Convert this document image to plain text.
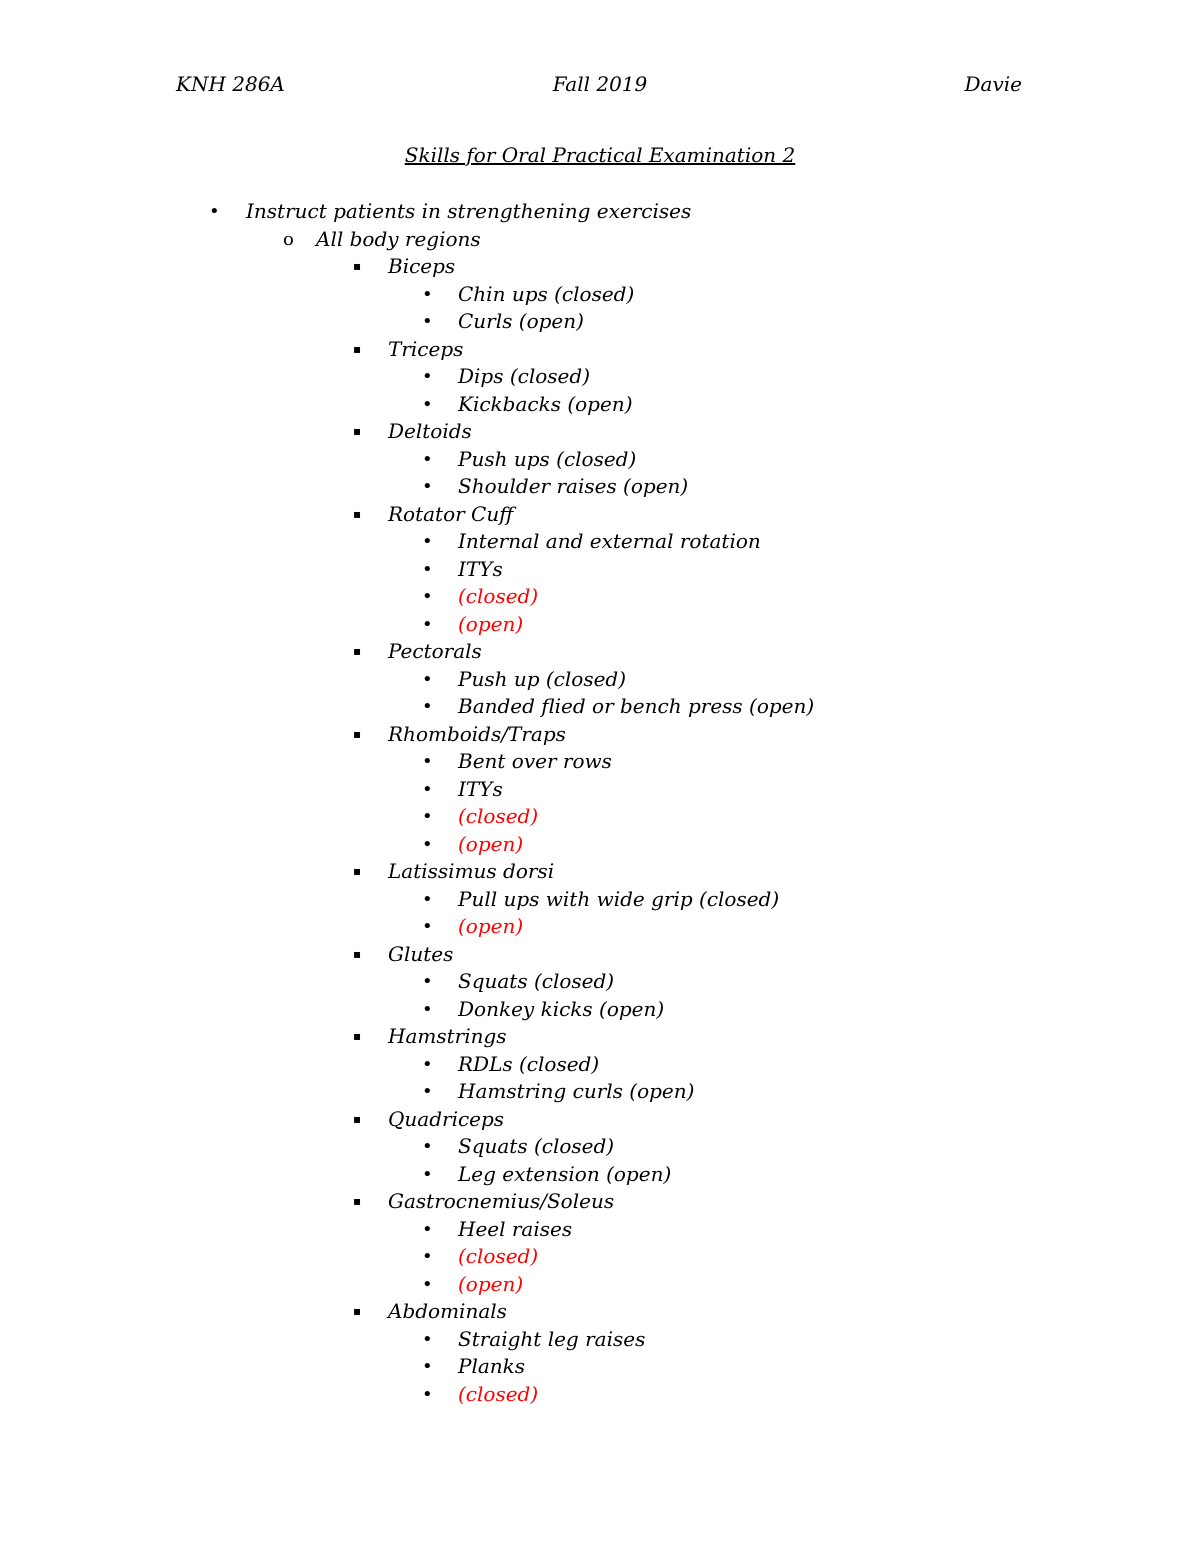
KNH 286A	Fall 2019	Davie
Skills for Oral Practical Examination 2
• Instruct patients in strengthening exercises
o All body regions
▪ Biceps
• Chin ups (closed)
• Curls (open)
▪ Triceps
• Dips (closed)
• Kickbacks (open)
▪ Deltoids
• Push ups (closed)
• Shoulder raises (open)
▪ Rotator Cuff
• Internal and external rotation
• ITYs
• (closed)
• (open)
▪ Pectorals
• Push up (closed)
• Banded flied or bench press (open)
▪ Rhomboids/Traps
• Bent over rows
• ITYs
• (closed)
• (open)
▪ Latissimus dorsi
• Pull ups with wide grip (closed)
• (open)
▪ Glutes
• Squats (closed)
• Donkey kicks (open)
▪ Hamstrings
• RDLs (closed)
• Hamstring curls (open)
▪ Quadriceps
• Squats (closed)
• Leg extension (open)
▪ Gastrocnemius/Soleus
• Heel raises
• (closed)
• (open)
▪ Abdominals
• Straight leg raises
• Planks
• (closed)
